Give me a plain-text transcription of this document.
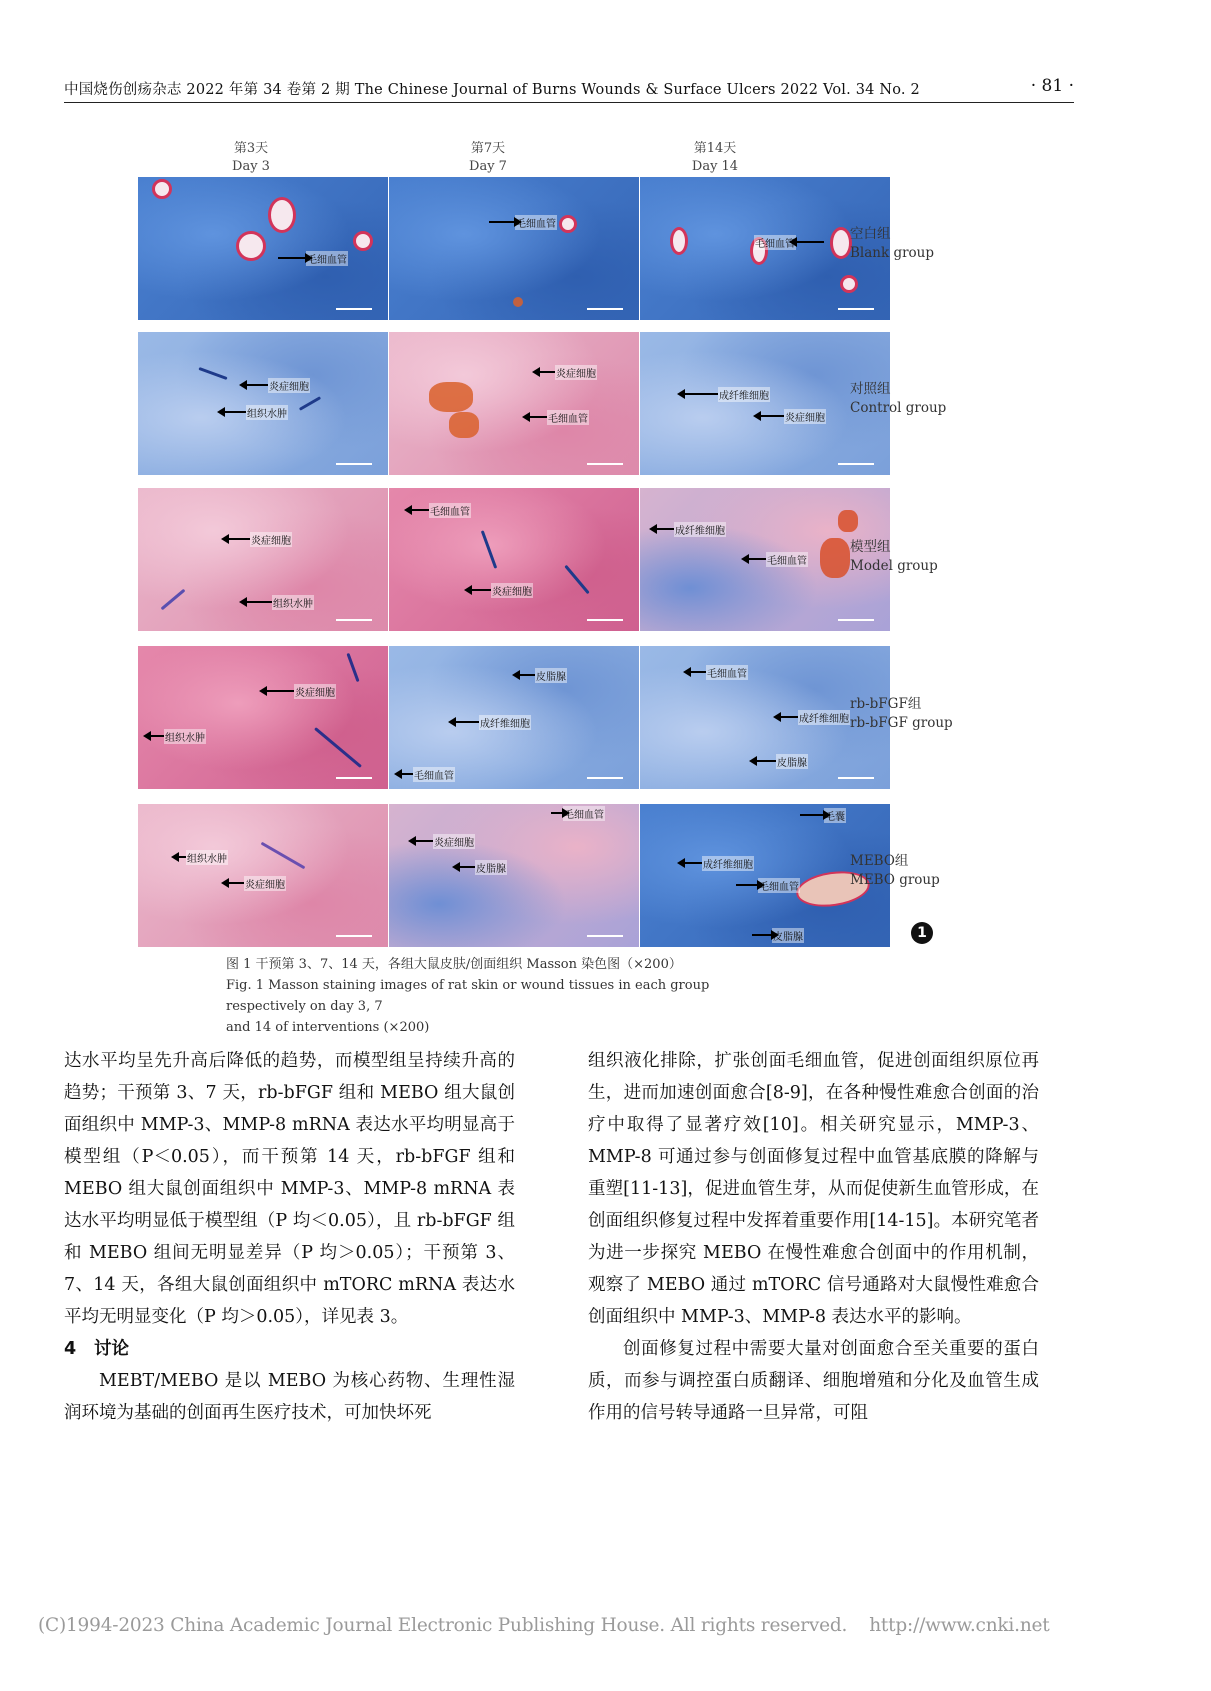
中国烧伤创疡杂志 2022 年第 34 卷第 2 期 The Chinese Journal of Burns Wounds & Surface Ulcers 2022 Vol. 34 No. 2	· 81 ·
第3天
Day 3
第7天
Day 7
第14天
Day 14
毛细血管
毛细血管
毛细血管
炎症细胞
组织水肿
炎症细胞
毛细血管
成纤维细胞
炎症细胞
炎症细胞
组织水肿
毛细血管
炎症细胞
成纤维细胞
毛细血管
炎症细胞
组织水肿
皮脂腺
成纤维细胞
毛细血管
毛细血管
成纤维细胞
皮脂腺
组织水肿
炎症细胞
毛细血管
炎症细胞
皮脂腺
毛囊
成纤维细胞
毛细血管
皮脂腺
空白组
Blank group
对照组
Control group
模型组
Model group
rb-bFGF组
rb-bFGF group
MEBO组
MEBO group
1
图 1 干预第 3、7、14 天，各组大鼠皮肤/创面组织 Masson 染色图（×200）
Fig. 1 Masson staining images of rat skin or wound tissues in each group respectively on day 3, 7
and 14 of interventions (×200)

达水平均呈先升高后降低的趋势，而模型组呈持续升高的趋势；干预第 3、7 天，rb-bFGF 组和 MEBO 组大鼠创面组织中 MMP-3、MMP-8 mRNA 表达水平均明显高于模型组（P＜0.05），而干预第 14 天，rb-bFGF 组和 MEBO 组大鼠创面组织中 MMP-3、MMP-8 mRNA 表达水平均明显低于模型组（P 均＜0.05），且 rb-bFGF 组和 MEBO 组间无明显差异（P 均＞0.05）；干预第 3、7、14 天，各组大鼠创面组织中 mTORC mRNA 表达水平均无明显变化（P 均＞0.05），详见表 3。

4 讨论

MEBT/MEBO 是以 MEBO 为核心药物、生理性湿润环境为基础的创面再生医疗技术，可加快坏死

组织液化排除，扩张创面毛细血管，促进创面组织原位再生，进而加速创面愈合[8-9]，在各种慢性难愈合创面的治疗中取得了显著疗效[10]。相关研究显示，MMP-3、MMP-8 可通过参与创面修复过程中血管基底膜的降解与重塑[11-13]，促进血管生芽，从而促使新生血管形成，在创面组织修复过程中发挥着重要作用[14-15]。本研究笔者为进一步探究 MEBO 在慢性难愈合创面中的作用机制，观察了 MEBO 通过 mTORC 信号通路对大鼠慢性难愈合创面组织中 MMP-3、MMP-8 表达水平的影响。

创面修复过程中需要大量对创面愈合至关重要的蛋白质，而参与调控蛋白质翻译、细胞增殖和分化及血管生成作用的信号转导通路一旦异常，可阻

(C)1994-2023 China Academic Journal Electronic Publishing House. All rights reserved. http://www.cnki.net
